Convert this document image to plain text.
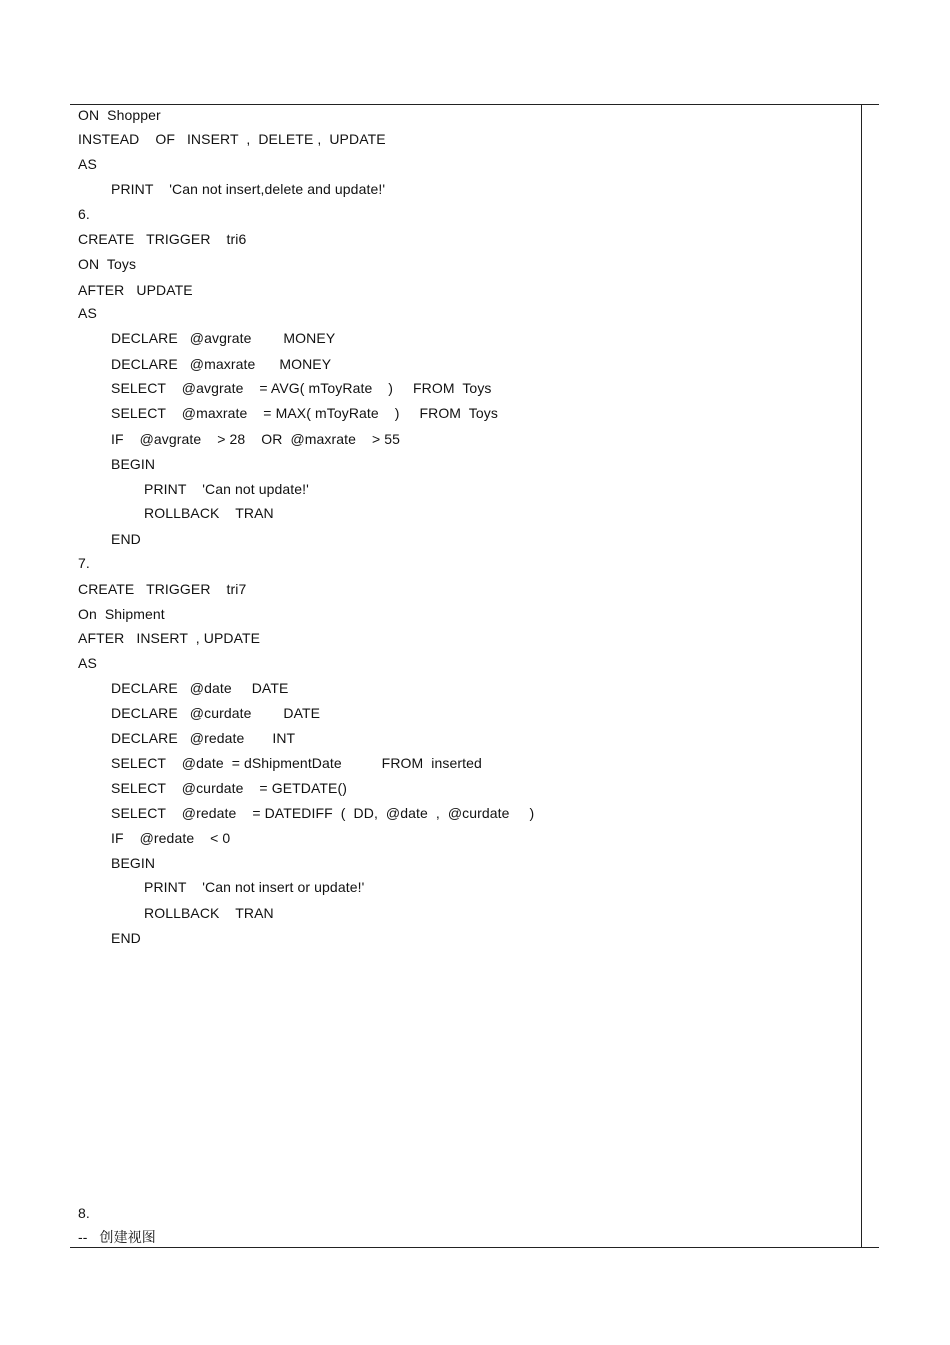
ON  Shopper
INSTEAD    OF   INSERT  ,  DELETE ,  UPDATE
AS
PRINT    'Can not insert,delete and update!'
6.
CREATE   TRIGGER    tri6
ON  Toys
AFTER   UPDATE
AS
DECLARE   @avgrate        MONEY
DECLARE   @maxrate      MONEY
SELECT    @avgrate    = AVG( mToyRate    )     FROM  Toys
SELECT    @maxrate    = MAX( mToyRate    )     FROM  Toys
IF    @avgrate    > 28    OR  @maxrate    > 55
BEGIN
PRINT    'Can not update!'
ROLLBACK    TRAN
END
7.
CREATE   TRIGGER    tri7
On  Shipment
AFTER   INSERT  , UPDATE
AS
DECLARE   @date     DATE
DECLARE   @curdate        DATE
DECLARE   @redate       INT
SELECT    @date  = dShipmentDate          FROM  inserted
SELECT    @curdate    = GETDATE()
SELECT    @redate    = DATEDIFF  (  DD,  @date  ,  @curdate     )
IF    @redate    < 0
BEGIN
PRINT    'Can not insert or update!'
ROLLBACK    TRAN
END
8.
--   创建视图
